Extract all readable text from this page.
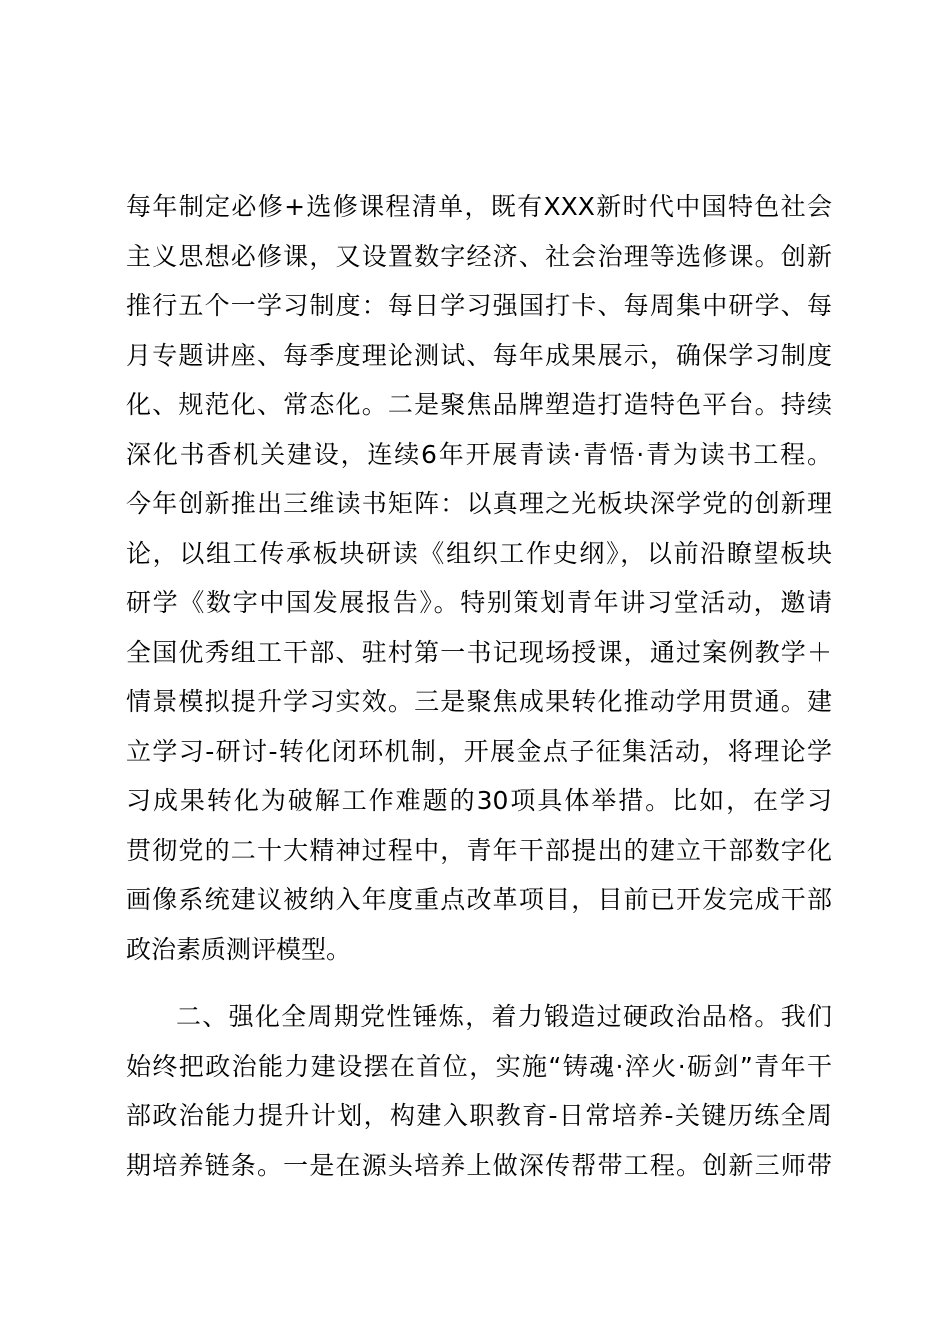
每年制定必修+选修课程清单，既有XXX新时代中国特色社会
主义思想必修课，又设置数字经济、社会治理等选修课。创新
推行五个一学习制度：每日学习强国打卡、每周集中研学、每
月专题讲座、每季度理论测试、每年成果展示，确保学习制度
化、规范化、常态化。二是聚焦品牌塑造打造特色平台。持续
深化书香机关建设，连续6年开展青读·青悟·青为读书工程。
今年创新推出三维读书矩阵：以真理之光板块深学党的创新理
论，以组工传承板块研读《组织工作史纲》，以前沿瞭望板块
研学《数字中国发展报告》。特别策划青年讲习堂活动，邀请
全国优秀组工干部、驻村第一书记现场授课，通过案例教学＋
情景模拟提升学习实效。三是聚焦成果转化推动学用贯通。建
立学习-研讨-转化闭环机制，开展金点子征集活动，将理论学
习成果转化为破解工作难题的30项具体举措。比如，在学习
贯彻党的二十大精神过程中，青年干部提出的建立干部数字化
画像系统建议被纳入年度重点改革项目，目前已开发完成干部
政治素质测评模型。
二、强化全周期党性锤炼，着力锻造过硬政治品格。我们
始终把政治能力建设摆在首位，实施“铸魂·淬火·砺剑”青年干
部政治能力提升计划，构建入职教育-日常培养-关键历练全周
期培养链条。一是在源头培养上做深传帮带工程。创新三师带
